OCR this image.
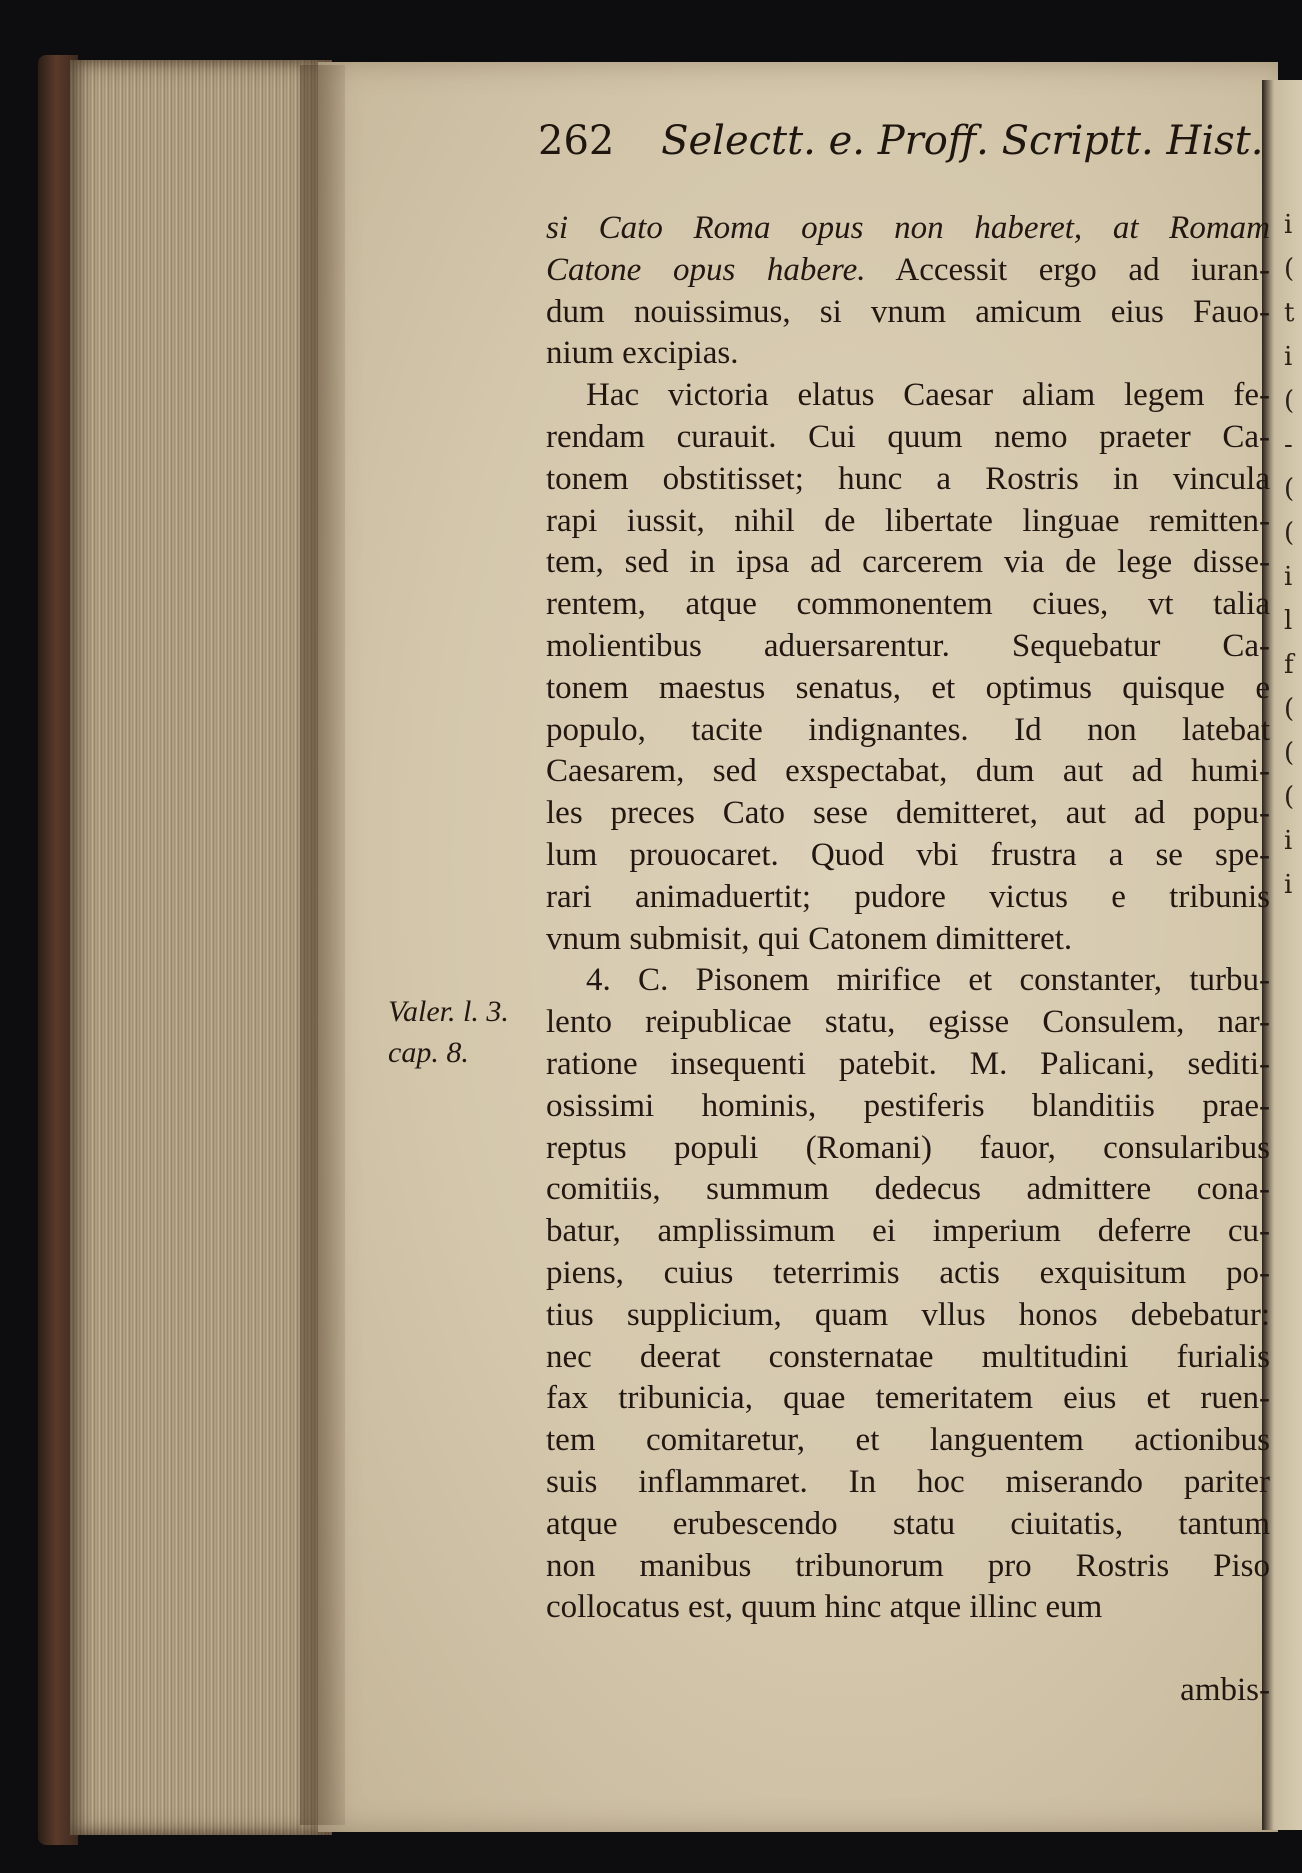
i
(
t
i
(
-
(
(
i
l
f
(
(
(
i
i
262 Selectt. e. Proff. Scriptt. Hist.
Valer. l. 3.
cap. 8.
si Cato Roma opus non haberet, at Romam
Catone opus habere. Accessit ergo ad iuran-
dum nouissimus, si vnum amicum eius Fauo-
nium excipias.
Hac victoria elatus Caesar aliam legem fe-
rendam curauit. Cui quum nemo praeter Ca-
tonem obstitisset; hunc a Rostris in vincula
rapi iussit, nihil de libertate linguae remitten-
tem, sed in ipsa ad carcerem via de lege disse-
rentem, atque commonentem ciues, vt talia
molientibus aduersarentur. Sequebatur Ca-
tonem maestus senatus, et optimus quisque e
populo, tacite indignantes. Id non latebat
Caesarem, sed exspectabat, dum aut ad humi-
les preces Cato sese demitteret, aut ad popu-
lum prouocaret. Quod vbi frustra a se spe-
rari animaduertit; pudore victus e tribunis
vnum submisit, qui Catonem dimitteret.
4. C. Pisonem mirifice et constanter, turbu-
lento reipublicae statu, egisse Consulem, nar-
ratione insequenti patebit. M. Palicani, sediti-
osissimi hominis, pestiferis blanditiis prae-
reptus populi (Romani) fauor, consularibus
comitiis, summum dedecus admittere cona-
batur, amplissimum ei imperium deferre cu-
piens, cuius teterrimis actis exquisitum po-
tius supplicium, quam vllus honos debebatur:
nec deerat consternatae multitudini furialis
fax tribunicia, quae temeritatem eius et ruen-
tem comitaretur, et languentem actionibus
suis inflammaret. In hoc miserando pariter
atque erubescendo statu ciuitatis, tantum
non manibus tribunorum pro Rostris Piso
collocatus est, quum hinc atque illinc eum
ambis-
